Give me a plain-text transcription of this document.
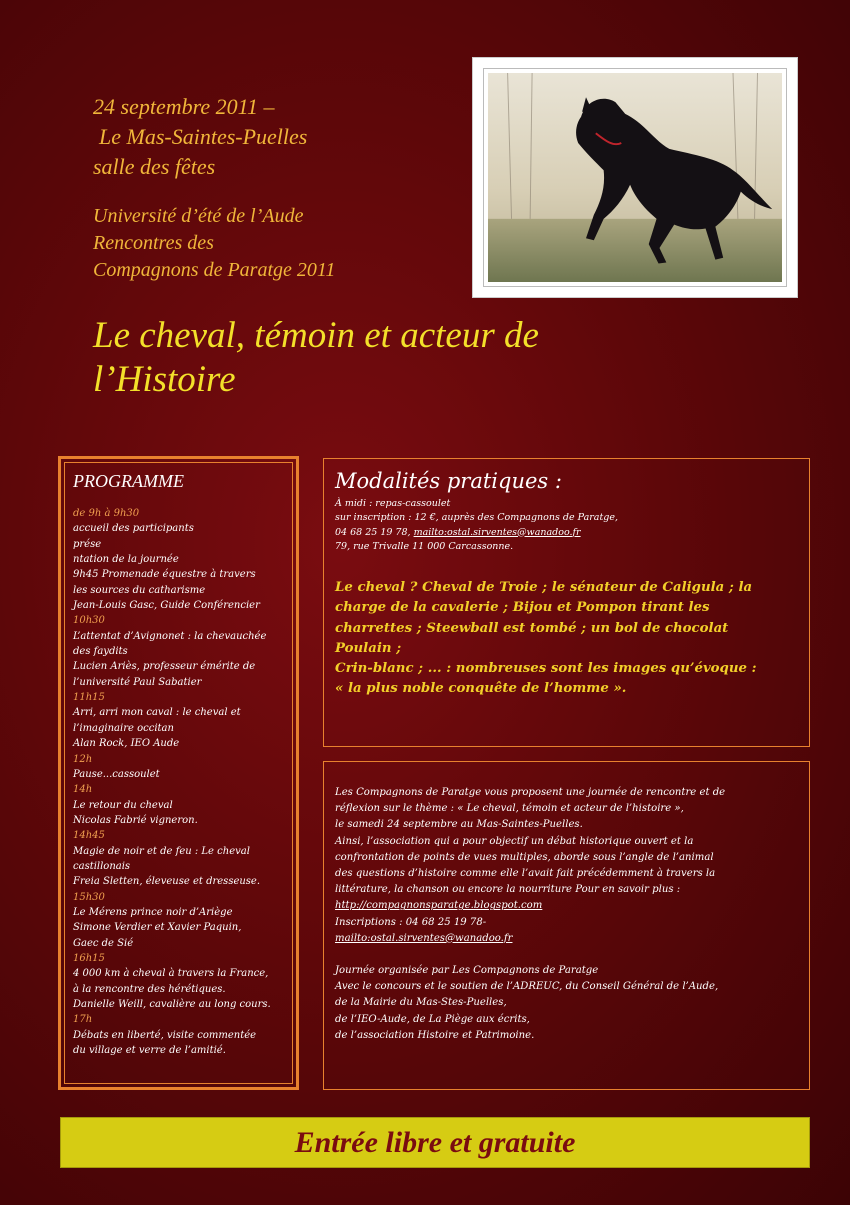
24 septembre 2011 –
Le Mas-Saintes-Puelles
salle des fêtes
Université d’été de l’Aude
Rencontres des
Compagnons de Paratge 2011
Le cheval, témoin et acteur de
l’Histoire
PROGRAMME
de 9h à 9h30
accueil des participants
prése
ntation de la journée
9h45 Promenade équestre à travers
les sources du catharisme
Jean-Louis Gasc, Guide Conférencier
10h30
L’attentat d’Avignonet : la chevauchée
des faydits
Lucien Ariès, professeur émérite de
l’université Paul Sabatier
11h15
Arri, arri mon caval : le cheval et
l’imaginaire occitan
Alan Rock, IEO Aude
12h
Pause...cassoulet
14h
Le retour du cheval
Nicolas Fabrié vigneron.
14h45
Magie de noir et de feu : Le cheval
castillonais
Freia Sletten, éleveuse et dresseuse.
15h30
Le Mérens prince noir d’Ariège
Simone Verdier et Xavier Paquin,
Gaec de Sié
16h15
4 000 km à cheval à travers la France,
à la rencontre des hérétiques.
Danielle Weill, cavalière au long cours.
17h
Débats en liberté, visite commentée
du village et verre de l’amitié.
Modalités pratiques :
À midi : repas-cassoulet
sur inscription : 12 €, auprès des Compagnons de Paratge,
04 68 25 19 78, mailto:ostal.sirventes@wanadoo.fr
79, rue Trivalle 11 000 Carcassonne.
Le cheval ? Cheval de Troie ; le sénateur de Caligula ; la
charge de la cavalerie ; Bijou et Pompon tirant les
charrettes ; Steewball est tombé ; un bol de chocolat
Poulain ;
Crin-blanc ; ... : nombreuses sont les images qu’évoque :
« la plus noble conquête de l’homme ».
Les Compagnons de Paratge vous proposent une journée de rencontre et de
réflexion sur le thème : « Le cheval, témoin et acteur de l’histoire »,
le samedi 24 septembre au Mas-Saintes-Puelles.
Ainsi, l’association qui a pour objectif un débat historique ouvert et la
confrontation de points de vues multiples, aborde sous l’angle de l’animal
des questions d’histoire comme elle l’avait fait précédemment à travers la
littérature, la chanson ou encore la nourriture Pour en savoir plus :
http://compagnonsparatge.blogspot.com
Inscriptions : 04 68 25 19 78-
mailto:ostal.sirventes@wanadoo.fr
Journée organisée par Les Compagnons de Paratge
Avec le concours et le soutien de l’ADREUC, du Conseil Général de l’Aude,
de la Mairie du Mas-Stes-Puelles,
de l’IEO-Aude, de La Piège aux écrits,
de l’association Histoire et Patrimoine.
Entrée libre et gratuite
